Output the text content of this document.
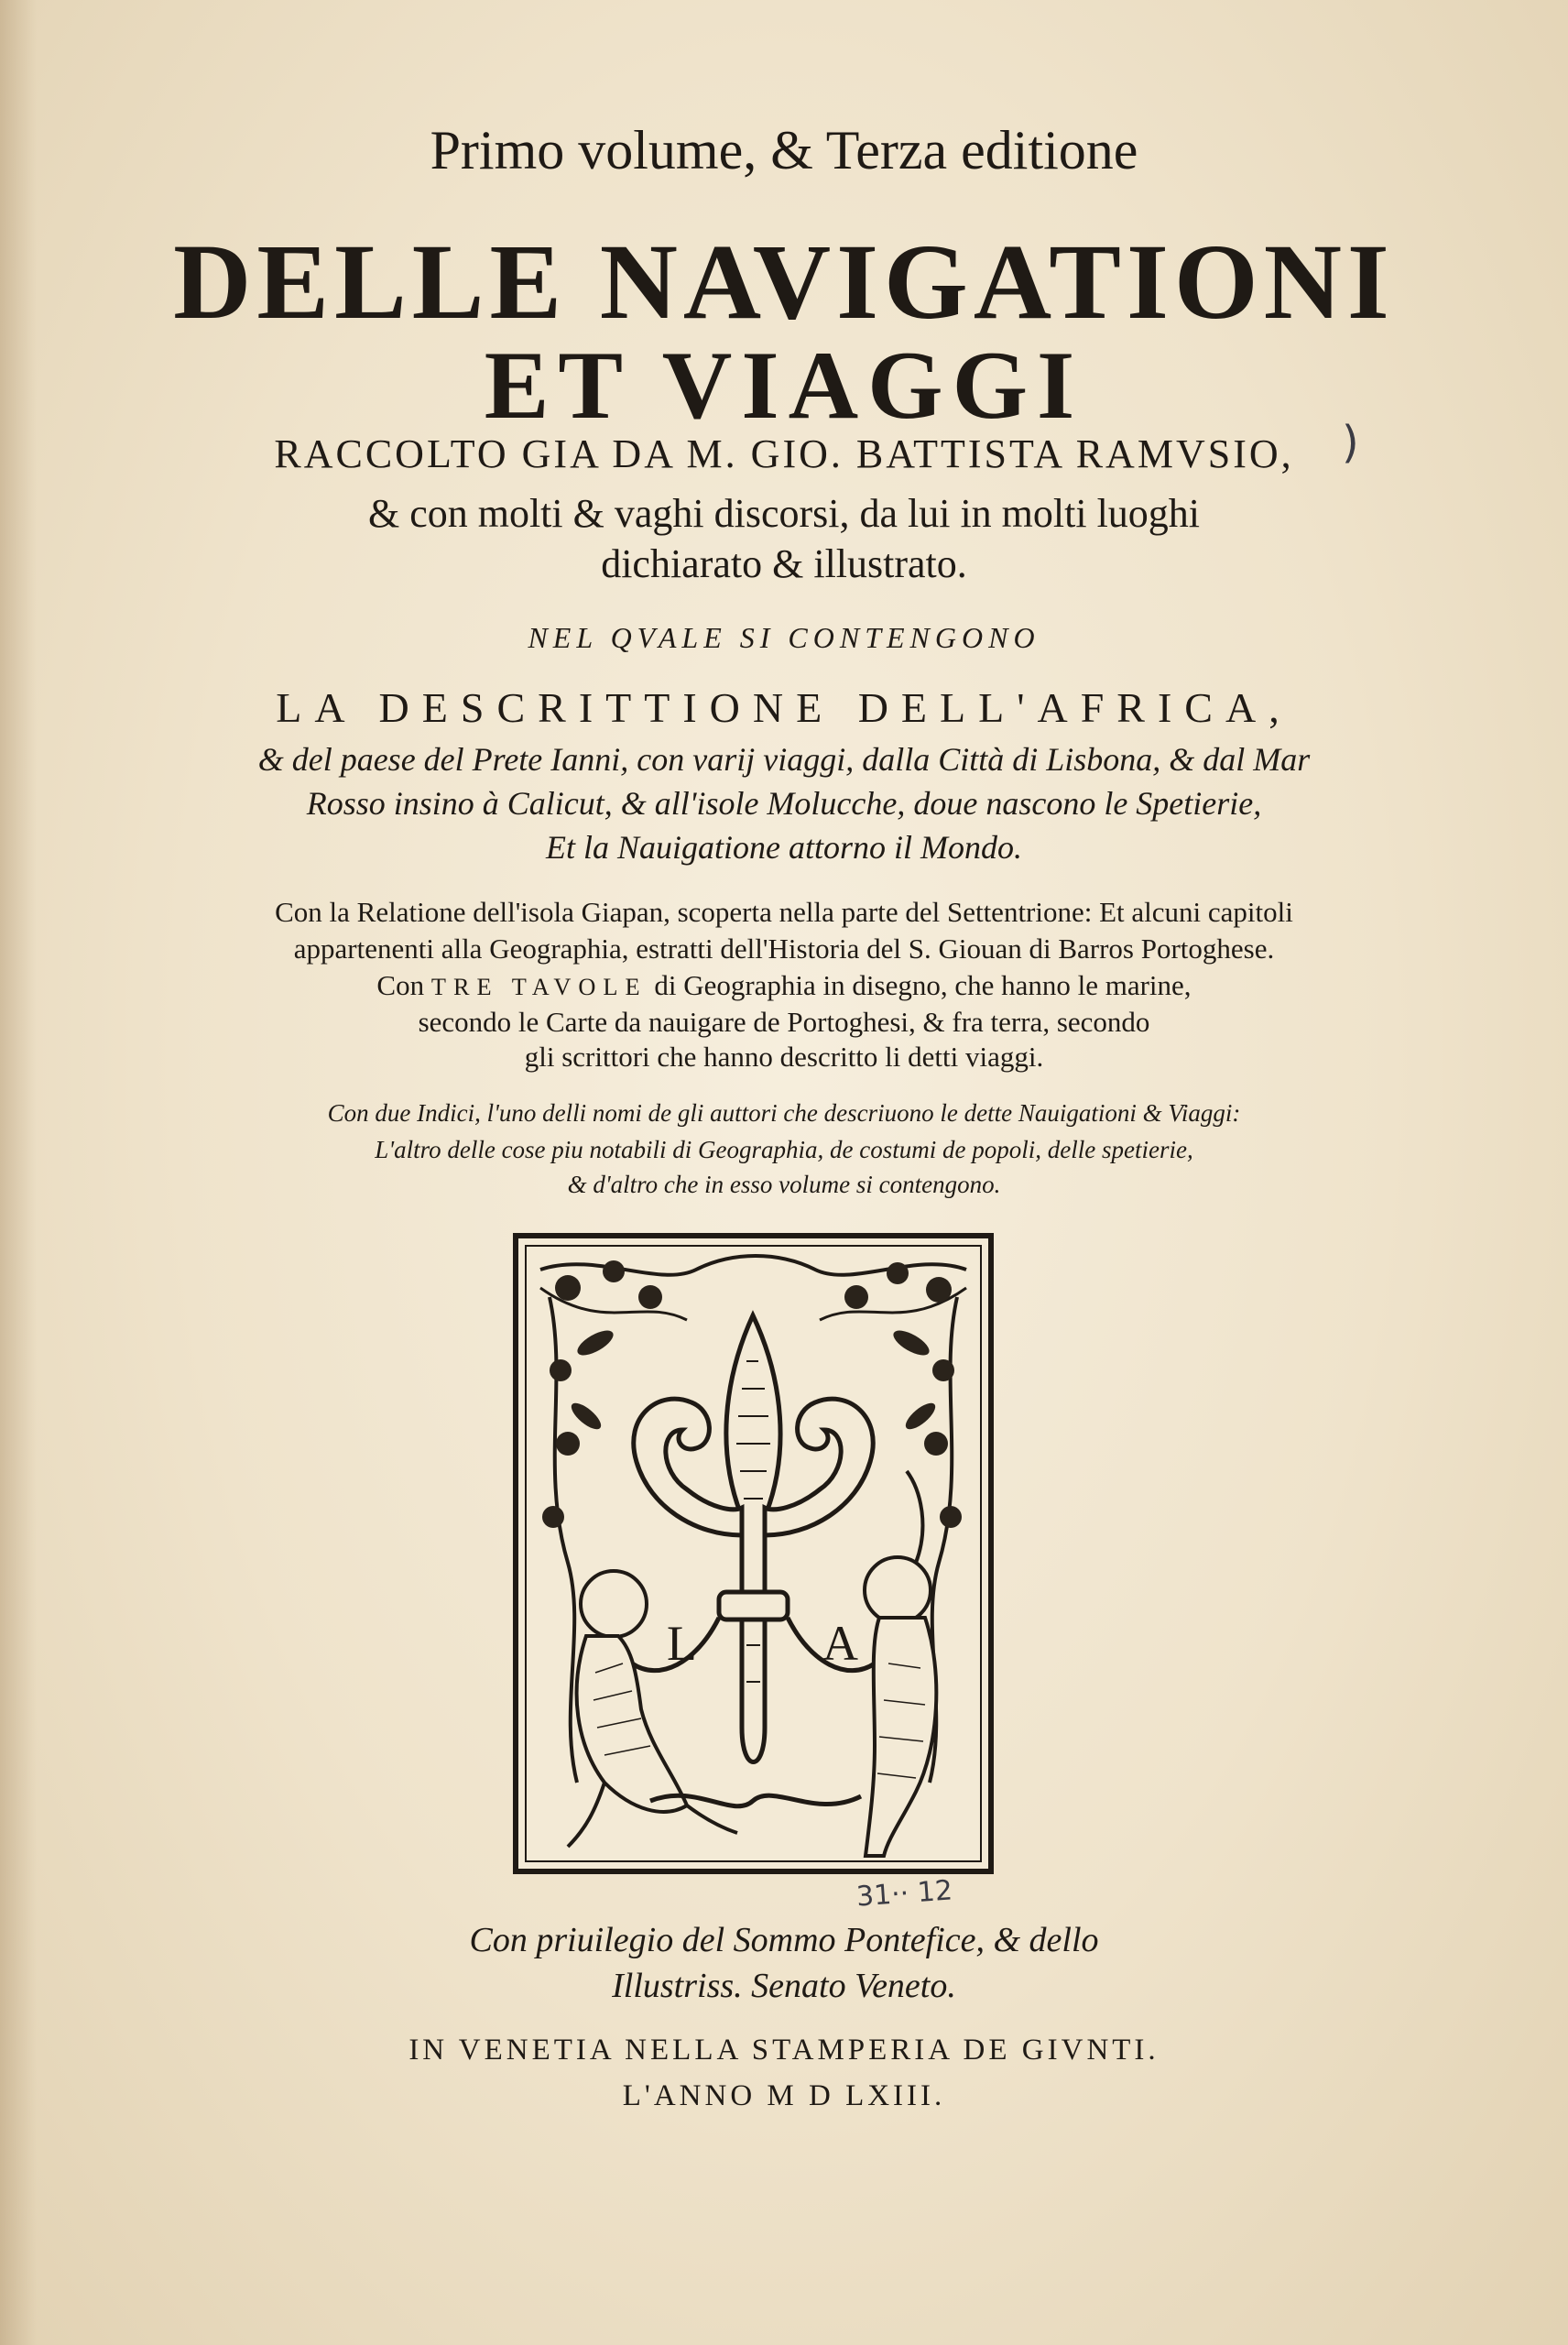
Primo volume, & Terza editione
DELLE NAVIGATIONI
ET VIAGGI
RACCOLTO GIA DA M. GIO. BATTISTA RAMVSIO,
& con molti & vaghi discorsi, da lui in molti luoghi
dichiarato & illustrato.
NEL QVALE SI CONTENGONO
LA DESCRITTIONE DELL'AFRICA,
& del paese del Prete Ianni, con varij viaggi, dalla Città di Lisbona, & dal Mar
Rosso insino à Calicut, & all'isole Molucche, doue nascono le Spetierie,
Et la Nauigatione attorno il Mondo.
Con la Relatione dell'isola Giapan, scoperta nella parte del Settentrione: Et alcuni capitoli
appartenenti alla Geographia, estratti dell'Historia del S. Giouan di Barros Portoghese.
Con TRE TAVOLE di Geographia in disegno, che hanno le marine,
secondo le Carte da nauigare de Portoghesi, & fra terra, secondo
gli scrittori che hanno descritto li detti viaggi.
Con due Indici, l'uno delli nomi de gli auttori che descriuono le dette Nauigationi & Viaggi:
L'altro delle cose piu notabili di Geographia, de costumi de popoli, delle spetierie,
& d'altro che in esso volume si contengono.
L	A
31·· 12
)
Con priuilegio del Sommo Pontefice, & dello
Illustriss. Senato Veneto.
IN VENETIA NELLA STAMPERIA DE GIVNTI.
L'ANNO M D LXIII.
